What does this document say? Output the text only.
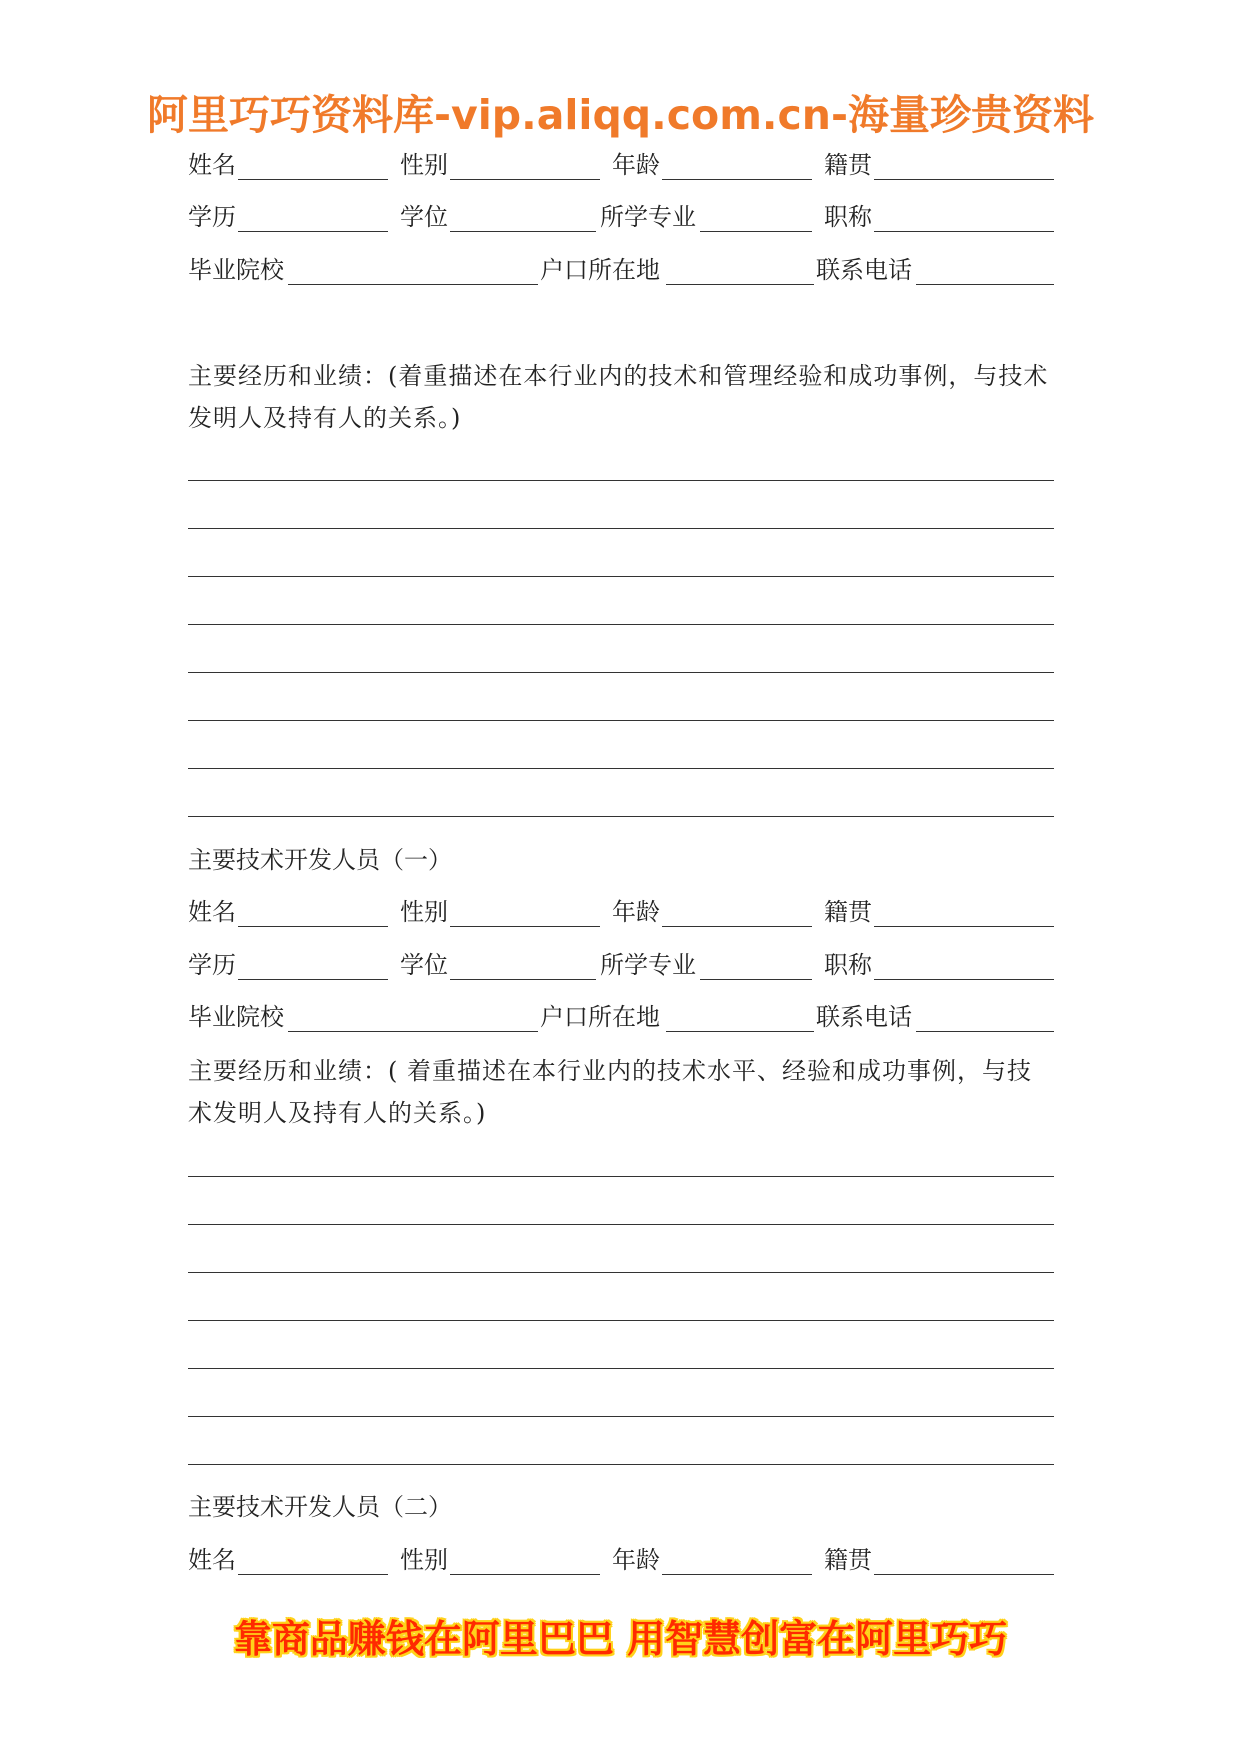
阿里巧巧资料库-vip.aliqq.com.cn-海量珍贵资料
姓名	性别	年龄	籍贯
学历	学位	所学专业	职称
毕业院校	户口所在地	联系电话
主要经历和业绩：(着重描述在本行业内的技术和管理经验和成功事例，与技术发明人及持有人的关系。)
主要技术开发人员（一）
姓名	性别	年龄	籍贯
学历	学位	所学专业	职称
毕业院校	户口所在地	联系电话
主要经历和业绩：( 着重描述在本行业内的技术水平、经验和成功事例，与技术发明人及持有人的关系。)
主要技术开发人员（二）
姓名	性别	年龄	籍贯
靠商品赚钱在阿里巴巴 用智慧创富在阿里巧巧
